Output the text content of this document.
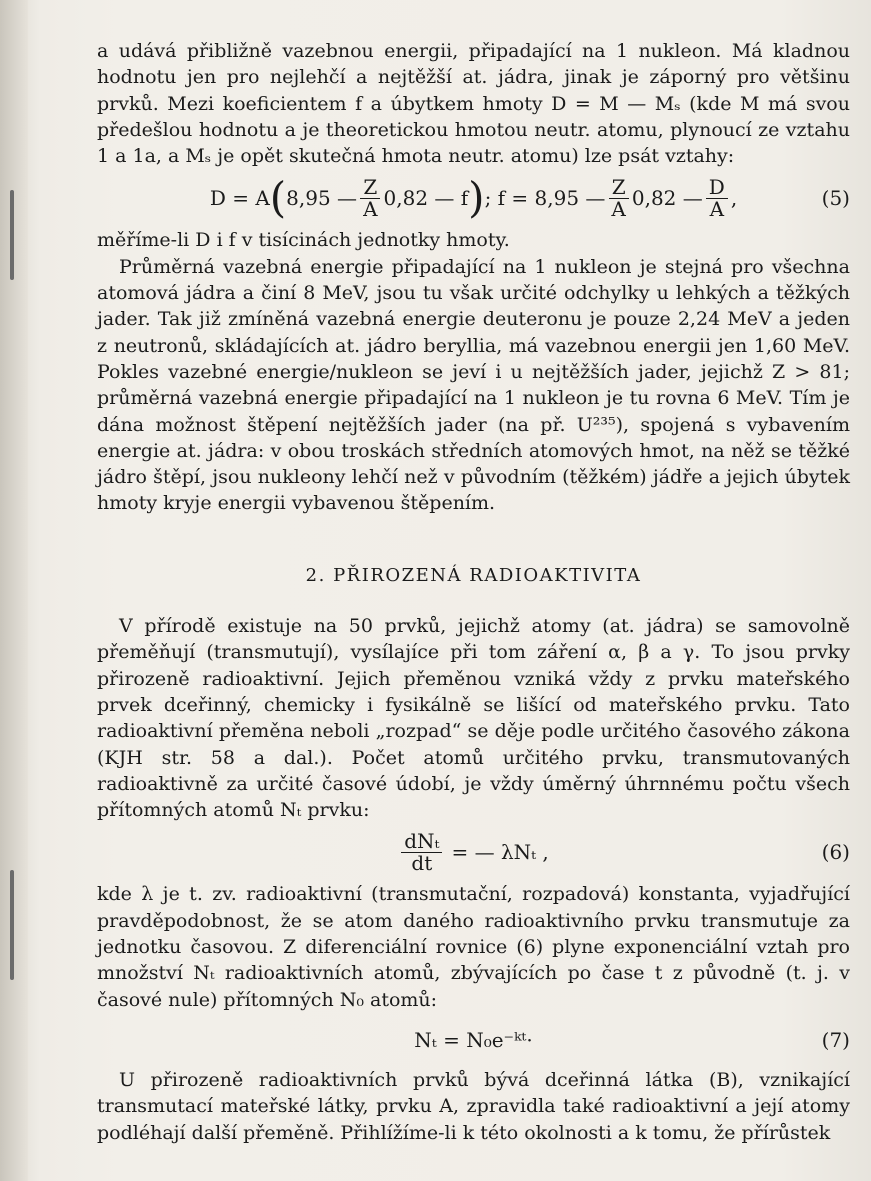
a udává přibližně vazebnou energii, připadající na 1 nukleon. Má kladnou hodnotu jen pro nejlehčí a nejtěžší at. jádra, jinak je záporný pro většinu prvků. Mezi koeficientem f a úbytkem hmoty D = M — Mₛ (kde M má svou předešlou hodnotu a je theoretickou hmotou neutr. atomu, plynoucí ze vztahu 1 a 1a, a Mₛ je opět skutečná hmota neutr. atomu) lze psát vztahy:

D = A ( 8,95 — $\frac{Z}{A} 0,82$ — f ) ; f = 8,95 — $\frac{Z}{A} 0,82$ — $\frac{D}{A}$ ,	(5)

měříme-li D i f v tisícinách jednotky hmoty.

Průměrná vazebná energie připadající na 1 nukleon je stejná pro všechna atomová jádra a činí 8 MeV, jsou tu však určité odchylky u lehkých a těžkých jader. Tak již zmíněná vazebná energie deuteronu je pouze 2,24 MeV a jeden z neutronů, skládajících at. jádro beryllia, má vazebnou energii jen 1,60 MeV. Pokles vazebné energie/nukleon se jeví i u nejtěžších jader, jejichž Z > 81; průměrná vazebná energie připadající na 1 nukleon je tu rovna 6 MeV. Tím je dána možnost štěpení nejtěžších jader (na př. U²³⁵), spojená s vybavením energie at. jádra: v obou troskách středních atomových hmot, na něž se těžké jádro štěpí, jsou nukleony lehčí než v původním (těžkém) jádře a jejich úbytek hmoty kryje energii vybavenou štěpením.

2. PŘIROZENÁ RADIOAKTIVITA

V přírodě existuje na 50 prvků, jejichž atomy (at. jádra) se samovolně přeměňují (transmutují), vysílajíce při tom záření α, β a γ. To jsou prvky přirozeně radioaktivní. Jejich přeměnou vzniká vždy z prvku mateřského prvek dceřinný, chemicky i fysikálně se lišící od mateřského prvku. Tato radioaktivní přeměna neboli „rozpad“ se děje podle určitého časového zákona (KJH str. 58 a dal.). Počet atomů určitého prvku, transmutovaných radioaktivně za určité časové údobí, je vždy úměrný úhrnnému počtu všech přítomných atomů Nₜ prvku:

$\frac{\text{dNₜ}}{dt}$ = — λNₜ ,	(6)

kde λ je t. zv. radioaktivní (transmutační, rozpadová) konstanta, vyjadřující pravděpodobnost, že se atom daného radioaktivního prvku transmutuje za jednotku časovou. Z diferenciální rovnice (6) plyne exponenciální vztah pro množství Nₜ radioaktivních atomů, zbývajících po čase t z původně (t. j. v časové nule) přítomných N₀ atomů:

Nₜ = N₀e⁻ᵏᵗ·	(7)

U přirozeně radioaktivních prvků bývá dceřinná látka (B), vznikající transmutací mateřské látky, prvku A, zpravidla také radioaktivní a její atomy podléhají další přeměně. Přihlížíme-li k této okolnosti a k tomu, že přírůstek
